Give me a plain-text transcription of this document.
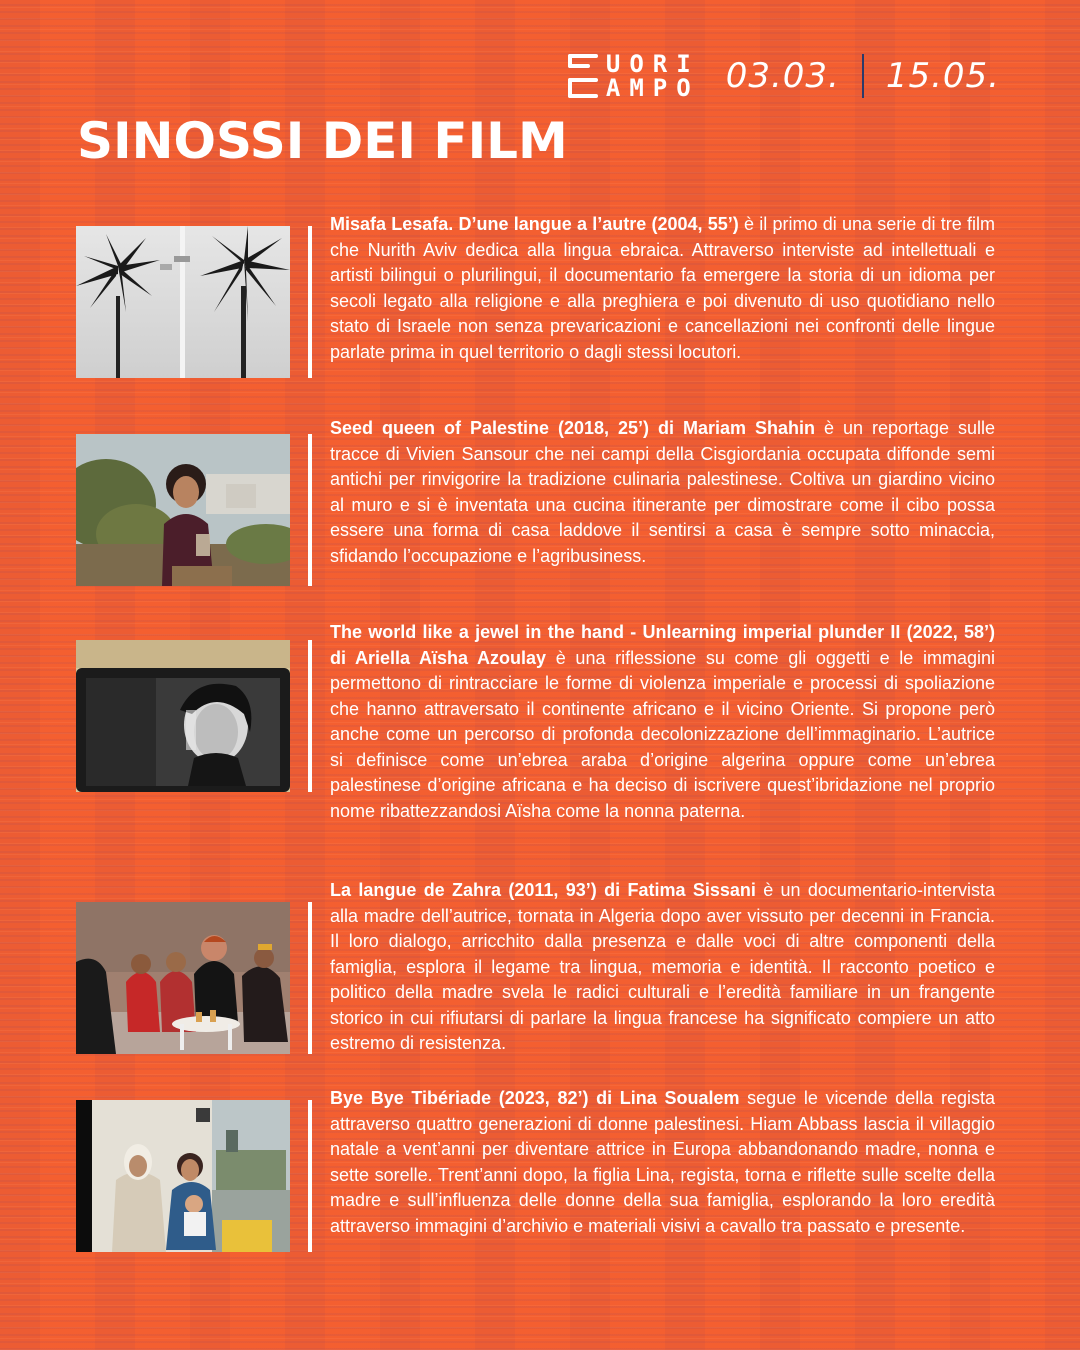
UORI
AMPO 03.03. 15.05.
SINOSSI DEI FILM

Misafa Lesafa. D’une langue a l’autre (2004, 55’) è il primo di una serie di tre film che Nurith Aviv dedica alla lingua ebraica. Attraverso interviste ad intellettuali e artisti bilingui o plurilingui, il documentario fa emergere la storia di un idioma per secoli legato alla religione e alla preghiera e poi divenuto di uso quotidiano nello stato di Israele non senza prevaricazioni e cancellazioni nei confronti delle lingue parlate prima in quel territorio o dagli stessi locutori.

Seed queen of Palestine (2018, 25’) di Mariam Shahin è un reportage sulle tracce di Vivien Sansour che nei campi della Cisgiordania occupata diffonde semi antichi per rinvigorire la tradizione culinaria palestinese. Coltiva un giardino vicino al muro e si è inventata una cucina itinerante per dimostrare come il cibo possa essere una forma di casa laddove il sentirsi a casa è sempre sotto minaccia, sfidando l’occupazione e l’agribusiness.

The world like a jewel in the hand - Unlearning imperial plunder II (2022, 58’) di Ariella Aïsha Azoulay è una riflessione su come gli oggetti e le immagini permettono di rintracciare le forme di violenza imperiale e processi di spoliazione che hanno attraversato il continente africano e il vicino Oriente. Si propone però anche come un percorso di profonda decolonizzazione dell’immaginario. L’autrice si definisce come un’ebrea araba d’origine algerina oppure come un’ebrea palestinese d’origine africana e ha deciso di iscrivere quest’ibridazione nel proprio nome ribattezzandosi Aïsha come la nonna paterna.

La langue de Zahra (2011, 93’) di Fatima Sissani è un documentario-intervista alla madre dell’autrice, tornata in Algeria dopo aver vissuto per decenni in Francia. Il loro dialogo, arricchito dalla presenza e dalle voci di altre componenti della famiglia, esplora il legame tra lingua, memoria e identità. Il racconto poetico e politico della madre svela le radici culturali e l’eredità familiare in un frangente storico in cui rifiutarsi di parlare la lingua francese ha significato compiere un atto estremo di resistenza.

Bye Bye Tibériade (2023, 82’) di Lina Soualem segue le vicende della regista attraverso quattro generazioni di donne palestinesi. Hiam Abbass lascia il villaggio natale a vent’anni per diventare attrice in Europa abbandonando madre, nonna e sette sorelle. Trent’anni dopo, la figlia Lina, regista, torna e riflette sulle scelte della madre e sull’influenza delle donne della sua famiglia, esplorando la loro eredità attraverso immagini d’archivio e materiali visivi a cavallo tra passato e presente.
